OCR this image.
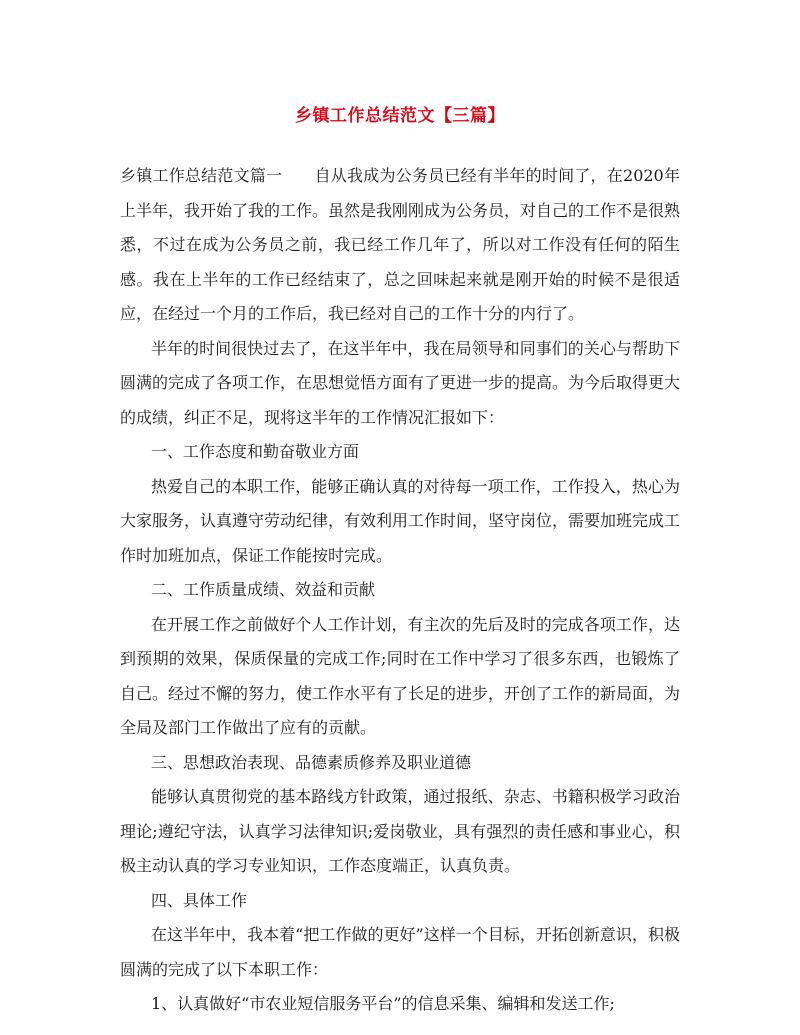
乡镇工作总结范文【三篇】

乡镇工作总结范文篇一 自从我成为公务员已经有半年的时间了，在2020年上半年，我开始了我的工作。虽然是我刚刚成为公务员，对自己的工作不是很熟悉，不过在成为公务员之前，我已经工作几年了，所以对工作没有任何的陌生感。我在上半年的工作已经结束了，总之回味起来就是刚开始的时候不是很适应，在经过一个月的工作后，我已经对自己的工作十分的内行了。

半年的时间很快过去了，在这半年中，我在局领导和同事们的关心与帮助下圆满的完成了各项工作，在思想觉悟方面有了更进一步的提高。为今后取得更大的成绩，纠正不足，现将这半年的工作情况汇报如下：

一、工作态度和勤奋敬业方面

热爱自己的本职工作，能够正确认真的对待每一项工作，工作投入，热心为大家服务，认真遵守劳动纪律，有效利用工作时间，坚守岗位，需要加班完成工作时加班加点，保证工作能按时完成。

二、工作质量成绩、效益和贡献

在开展工作之前做好个人工作计划，有主次的先后及时的完成各项工作，达到预期的效果，保质保量的完成工作;同时在工作中学习了很多东西，也锻炼了自己。经过不懈的努力，使工作水平有了长足的进步，开创了工作的新局面，为全局及部门工作做出了应有的贡献。

三、思想政治表现、品德素质修养及职业道德

能够认真贯彻党的基本路线方针政策，通过报纸、杂志、书籍积极学习政治理论;遵纪守法，认真学习法律知识;爱岗敬业，具有强烈的责任感和事业心，积极主动认真的学习专业知识，工作态度端正，认真负责。

四、具体工作

在这半年中，我本着“把工作做的更好”这样一个目标，开拓创新意识，积极圆满的完成了以下本职工作：

1、认真做好“市农业短信服务平台”的信息采集、编辑和发送工作;
